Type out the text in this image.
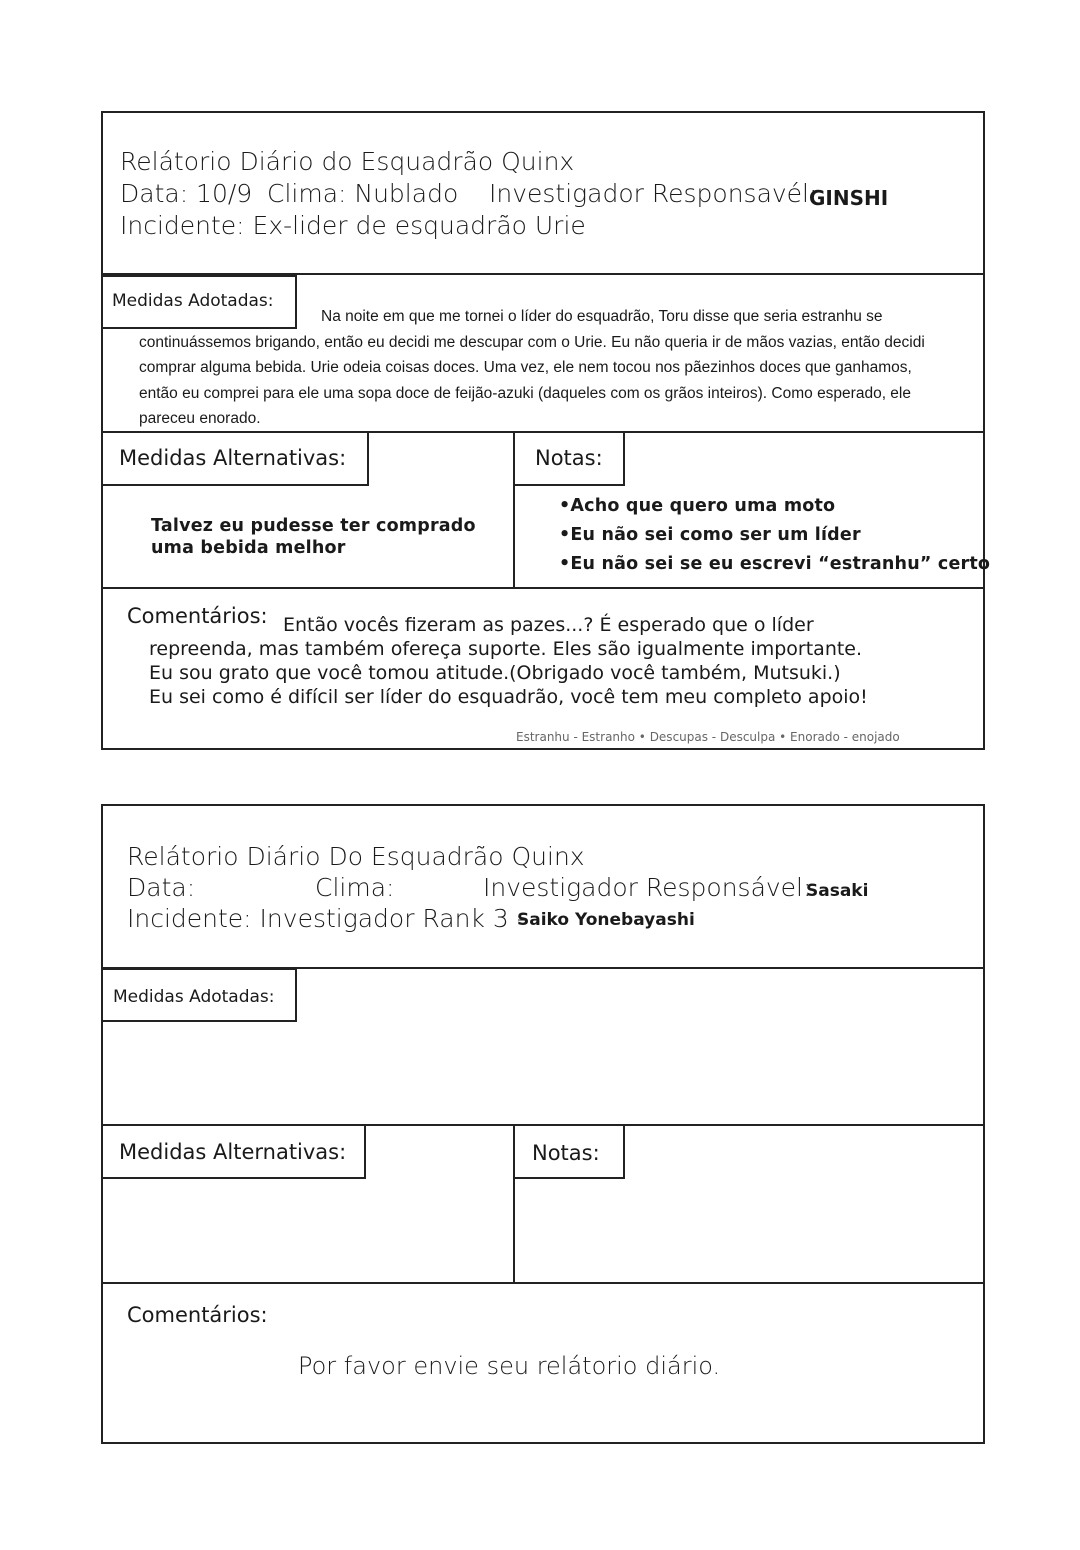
Relátorio Diário do Esquadrão Quinx
Data: 10/9 Clima: Nublado Investigador Responsavél:
GINSHI
Incidente: Ex-lider de esquadrão Urie
Medidas Adotadas:
Na noite em que me tornei o líder do esquadrão, Toru disse que seria estranhu se continuássemos brigando, então eu decidi me descupar com o Urie. Eu não queria ir de mãos vazias, então decidi comprar alguma bebida. Urie odeia coisas doces. Uma vez, ele nem tocou nos pãezinhos doces que ganhamos, então eu comprei para ele uma sopa doce de feijão-azuki (daqueles com os grãos inteiros). Como esperado, ele pareceu enorado.
Medidas Alternativas:
Talvez eu pudesse ter comprado
uma bebida melhor
Notas:
•Acho que quero uma moto
•Eu não sei como ser um líder
•Eu não sei se eu escrevi “estranhu” certo
Comentários: Então vocês fizeram as pazes...? É esperado que o líder
repreenda, mas também ofereça suporte. Eles são igualmente importante.
Eu sou grato que você tomou atitude.(Obrigado você também, Mutsuki.)
Eu sei como é difícil ser líder do esquadrão, você tem meu completo apoio!
Estranhu - Estranho • Descupas - Desculpa • Enorado - enojado
Relátorio Diário Do Esquadrão Quinx
Data:	Clima:	Investigador Responsável:
Sasaki
Incidente: Investigador Rank 3 -
Saiko Yonebayashi
Medidas Adotadas:
Medidas Alternativas:	Notas:
Comentários:
Por favor envie seu relátorio diário.
